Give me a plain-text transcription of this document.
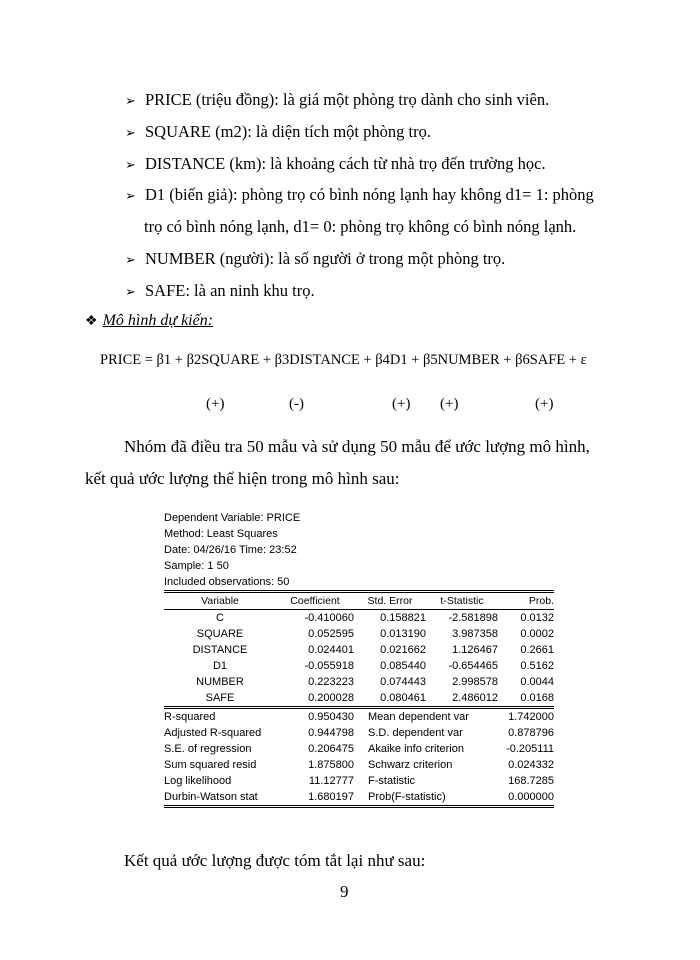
➢ PRICE (triệu đồng): là giá một phòng trọ dành cho sinh viên.
➢ SQUARE (m2): là diện tích một phòng trọ.
➢ DISTANCE (km): là khoảng cách từ nhà trọ đến trường học.
➢ D1 (biến giả): phòng trọ có bình nóng lạnh hay không d1= 1: phòng
trọ có bình nóng lạnh, d1= 0: phòng trọ không có bình nóng lạnh.
➢ NUMBER (người): là số người ở trong một phòng trọ.
➢ SAFE: là an ninh khu trọ.
❖ Mô hình dự kiến:
PRICE = β1 + β2SQUARE + β3DISTANCE + β4D1 + β5NUMBER + β6SAFE + ε
(+)	(-)	(+) (+)	(+)
Nhóm đã điều tra 50 mẫu và sử dụng 50 mẫu để ước lượng mô hình,
kết quả ước lượng thể hiện trong mô hình sau:
Dependent Variable: PRICE
Method: Least Squares
Date: 04/26/16 Time: 23:52
Sample: 1 50
Included observations: 50
Variable	Coefficient	Std. Error	t-Statistic	Prob.
C	-0.410060	0.158821	-2.581898	0.0132
SQUARE	0.052595	0.013190	3.987358	0.0002
DISTANCE	0.024401	0.021662	1.126467	0.2661
D1	-0.055918	0.085440	-0.654465	0.5162
NUMBER	0.223223	0.074443	2.998578	0.0044
SAFE	0.200028	0.080461	2.486012	0.0168
R-squared	0.950430		Mean dependent var	1.742000
Adjusted R-squared	0.944798		S.D. dependent var	0.878796
S.E. of regression	0.206475		Akaike info criterion	-0.205111
Sum squared resid	1.875800		Schwarz criterion	0.024332
Log likelihood	11.12777		F-statistic	168.7285
Durbin-Watson stat	1.680197		Prob(F-statistic)	0.000000
Kết quả ước lượng được tóm tắt lại như sau:
9
